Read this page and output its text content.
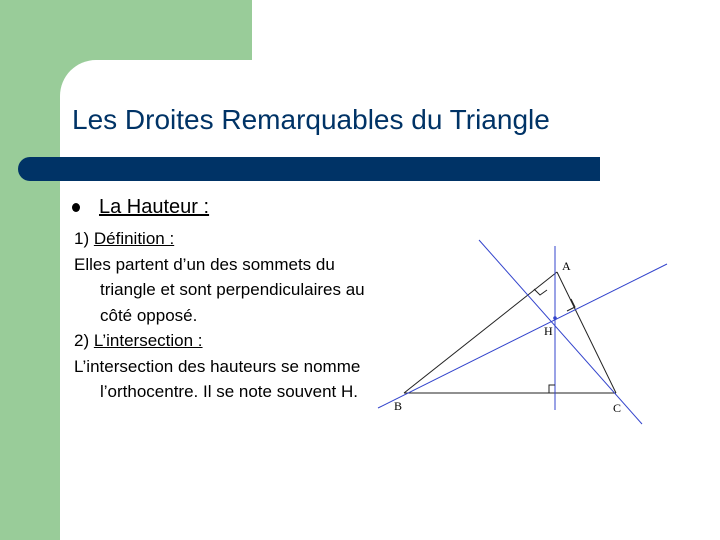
Les Droites Remarquables du Triangle
La Hauteur :

1) Définition :

Elles partent d’un des sommets du triangle et sont perpendiculaires au côté opposé.

2) L’intersection :

L’intersection des hauteurs se nomme l’orthocentre. Il se note souvent H.

A
B	C
H
